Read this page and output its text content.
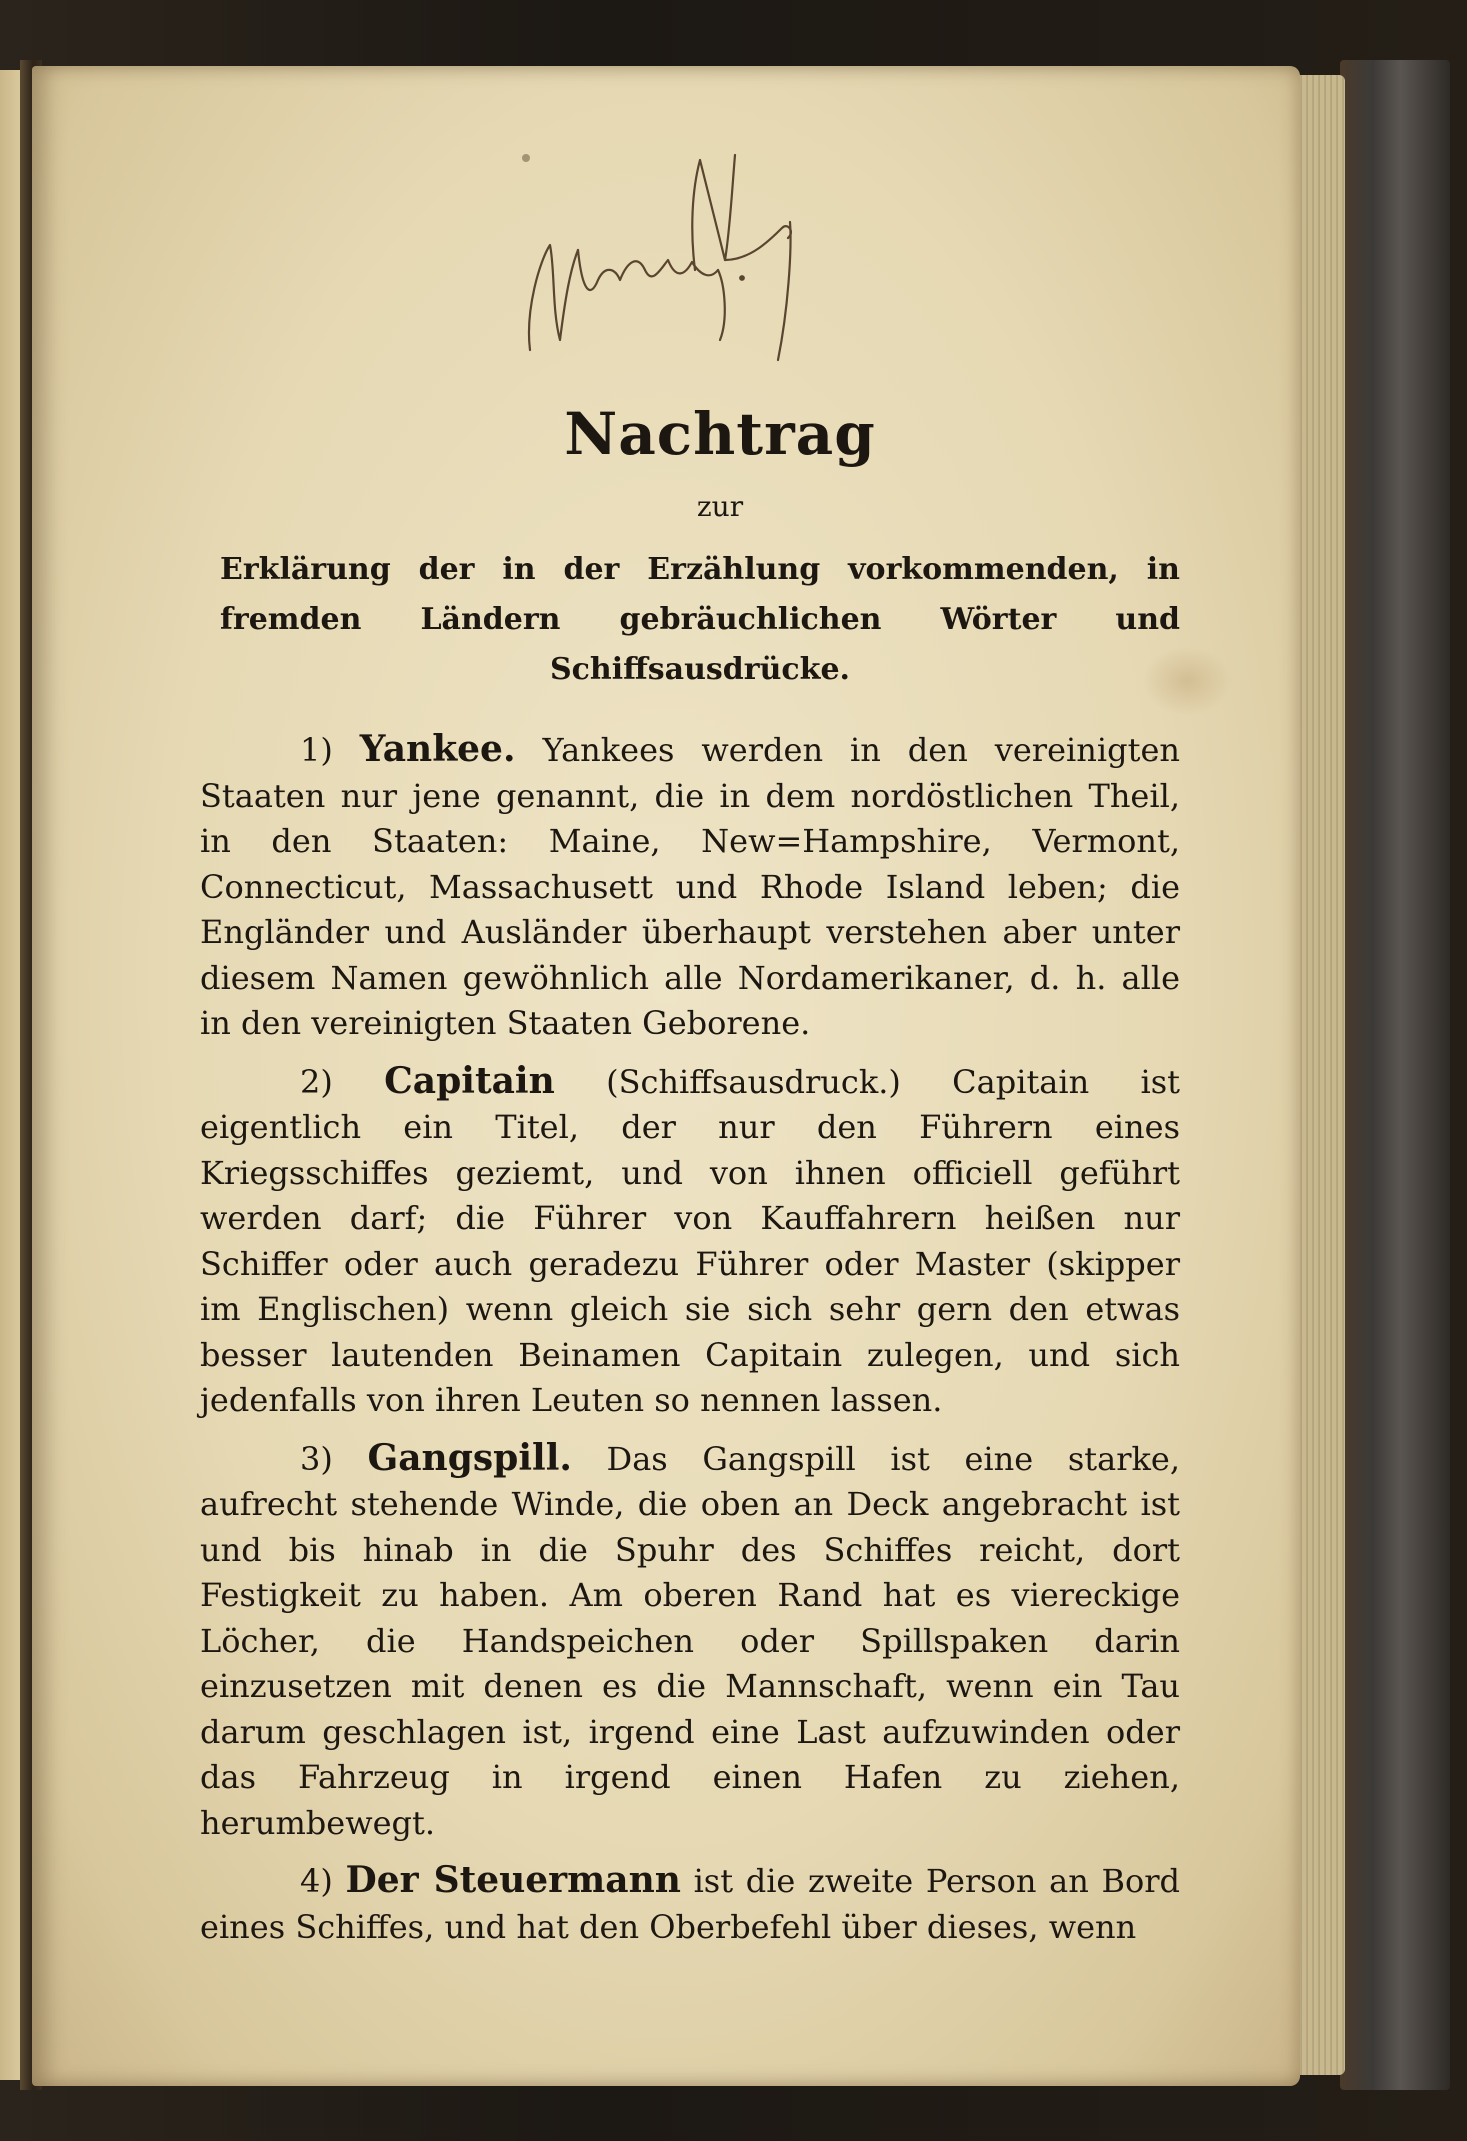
Nachtrag
zur
Erklärung der in der Erzählung vorkommenden, in fremden Ländern gebräuchlichen Wörter und Schiffsausdrücke.

1) Yankee. Yankees werden in den vereinigten Staaten nur jene genannt, die in dem nordöstlichen Theil, in den Staaten: Maine, New=Hampshire, Vermont, Connecticut, Massachusett und Rhode Island leben; die Engländer und Ausländer überhaupt verstehen aber unter diesem Namen gewöhnlich alle Nordamerikaner, d. h. alle in den vereinigten Staaten Geborene.

2) Capitain (Schiffsausdruck.) Capitain ist eigentlich ein Titel, der nur den Führern eines Kriegsschiffes geziemt, und von ihnen officiell geführt werden darf; die Führer von Kauffahrern heißen nur Schiffer oder auch geradezu Führer oder Master (skipper im Englischen) wenn gleich sie sich sehr gern den etwas besser lautenden Beinamen Capitain zulegen, und sich jedenfalls von ihren Leuten so nennen lassen.

3) Gangspill. Das Gangspill ist eine starke, aufrecht stehende Winde, die oben an Deck angebracht ist und bis hinab in die Spuhr des Schiffes reicht, dort Festigkeit zu haben. Am oberen Rand hat es viereckige Löcher, die Handspeichen oder Spillspaken darin einzusetzen mit denen es die Mannschaft, wenn ein Tau darum geschlagen ist, irgend eine Last aufzuwinden oder das Fahrzeug in irgend einen Hafen zu ziehen, herumbewegt.

4) Der Steuermann ist die zweite Person an Bord eines Schiffes, und hat den Oberbefehl über dieses, wenn
